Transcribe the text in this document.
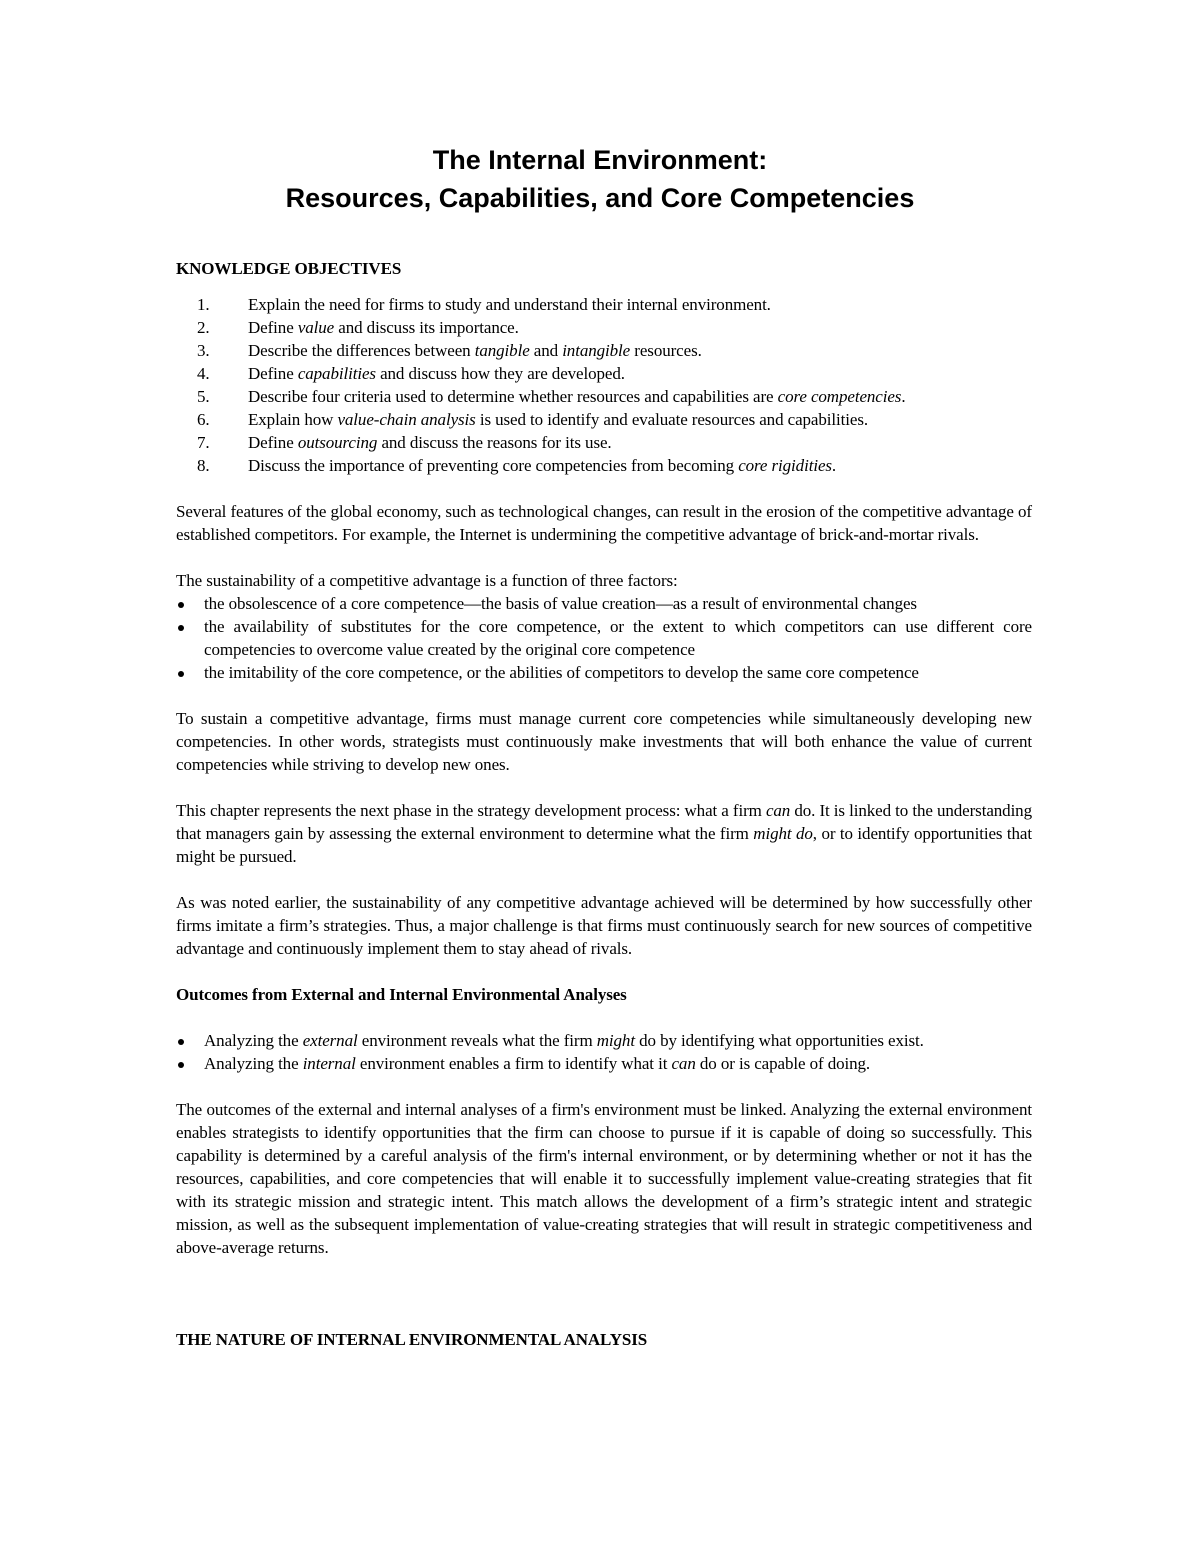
The Internal Environment:
Resources, Capabilities, and Core Competencies
KNOWLEDGE OBJECTIVES
1. Explain the need for firms to study and understand their internal environment.
2. Define value and discuss its importance.
3. Describe the differences between tangible and intangible resources.
4. Define capabilities and discuss how they are developed.
5. Describe four criteria used to determine whether resources and capabilities are core competencies.
6. Explain how value-chain analysis is used to identify and evaluate resources and capabilities.
7. Define outsourcing and discuss the reasons for its use.
8. Discuss the importance of preventing core competencies from becoming core rigidities.

Several features of the global economy, such as technological changes, can result in the erosion of the competitive advantage of established competitors. For example, the Internet is undermining the competitive advantage of brick-and-mortar rivals.

The sustainability of a competitive advantage is a function of three factors:

the obsolescence of a core competence—the basis of value creation—as a result of environmental changes
the availability of substitutes for the core competence, or the extent to which competitors can use different core competencies to overcome value created by the original core competence
the imitability of the core competence, or the abilities of competitors to develop the same core competence

To sustain a competitive advantage, firms must manage current core competencies while simultaneously developing new competencies. In other words, strategists must continuously make investments that will both enhance the value of current competencies while striving to develop new ones.

This chapter represents the next phase in the strategy development process: what a firm can do. It is linked to the understanding that managers gain by assessing the external environment to determine what the firm might do, or to identify opportunities that might be pursued.

As was noted earlier, the sustainability of any competitive advantage achieved will be determined by how successfully other firms imitate a firm’s strategies. Thus, a major challenge is that firms must continuously search for new sources of competitive advantage and continuously implement them to stay ahead of rivals.

Outcomes from External and Internal Environmental Analyses
Analyzing the external environment reveals what the firm might do by identifying what opportunities exist.
Analyzing the internal environment enables a firm to identify what it can do or is capable of doing.

The outcomes of the external and internal analyses of a firm's environment must be linked. Analyzing the external environment enables strategists to identify opportunities that the firm can choose to pursue if it is capable of doing so successfully. This capability is determined by a careful analysis of the firm's internal environment, or by determining whether or not it has the resources, capabilities, and core competencies that will enable it to successfully implement value-creating strategies that fit with its strategic mission and strategic intent. This match allows the development of a firm’s strategic intent and strategic mission, as well as the subsequent implementation of value-creating strategies that will result in strategic competitiveness and above-average returns.

THE NATURE OF INTERNAL ENVIRONMENTAL ANALYSIS
